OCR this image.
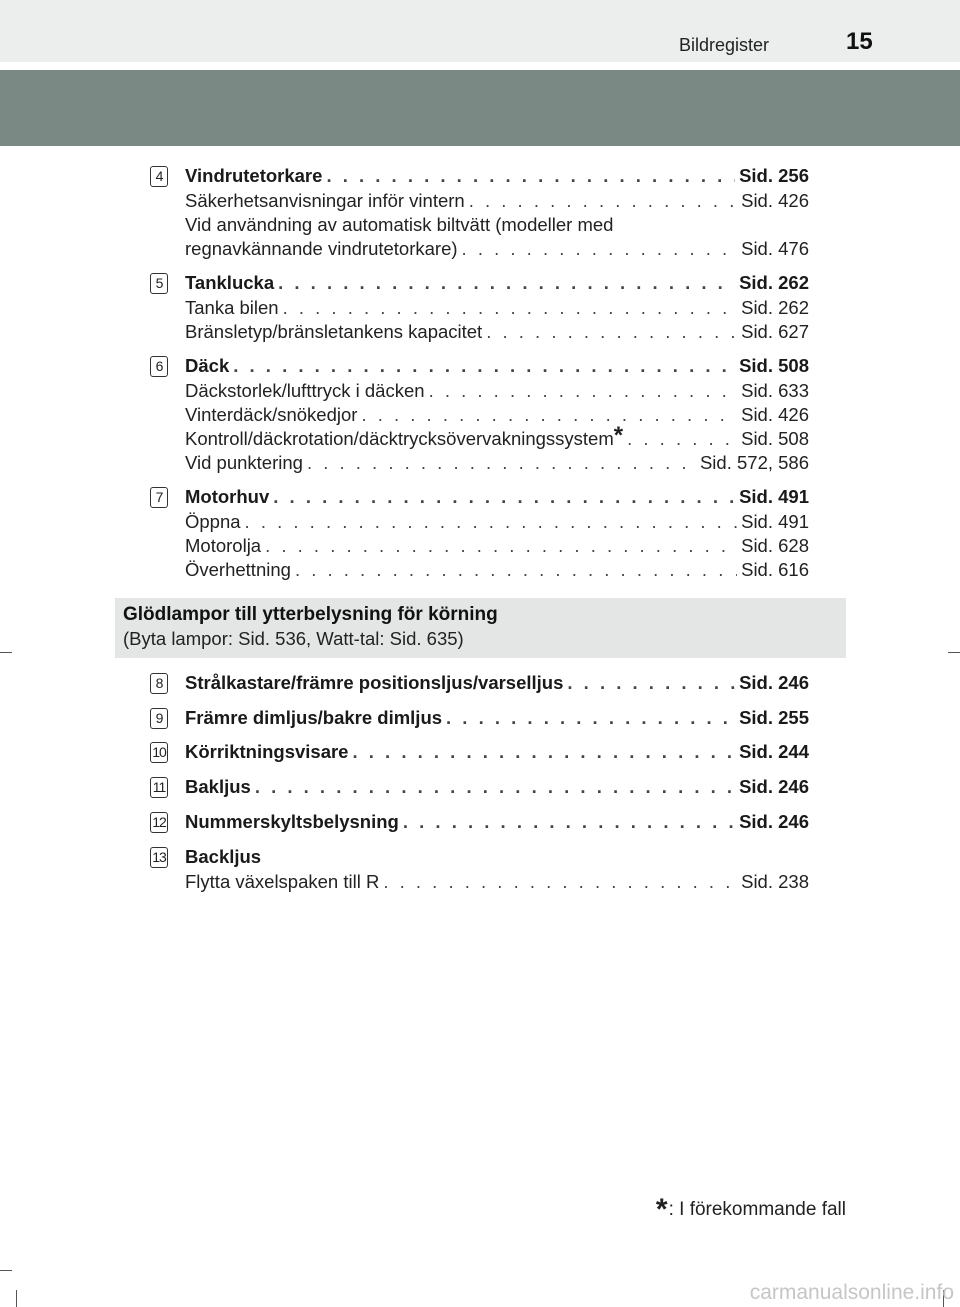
Bildregister	15
4	Vindrutetorkare . . .	Sid. 256
Säkerhetsanvisningar inför vintern . . .	Sid. 426
Vid användning av automatisk biltvätt (modeller med
regnavkännande vindrutetorkare) . . .	Sid. 476
5	Tanklucka . . .	Sid. 262
Tanka bilen . . .	Sid. 262
Bränsletyp/bränsletankens kapacitet . . .	Sid. 627
6	Däck . . .	Sid. 508
Däckstorlek/lufttryck i däcken . . .	Sid. 633
Vinterdäck/snökedjor . . .	Sid. 426
Kontroll/däckrotation/däcktrycksövervakningssystem* . . .	Sid. 508
Vid punktering . . .	Sid. 572, 586
7	Motorhuv . . .	Sid. 491
Öppna . . .	Sid. 491
Motorolja . . .	Sid. 628
Överhettning . . .	Sid. 616
Glödlampor till ytterbelysning för körning
(Byta lampor: Sid. 536, Watt-tal: Sid. 635)
8	Strålkastare/främre positionsljus/varselljus . . .	Sid. 246
9	Främre dimljus/bakre dimljus . . .	Sid. 255
10 Körriktningsvisare . . .	Sid. 244
11 Bakljus . . .	Sid. 246
12 Nummerskyltsbelysning . . .	Sid. 246
13 Backljus
Flytta växelspaken till R . . .	Sid. 238
*: I förekommande fall
carmanualsonline.info
